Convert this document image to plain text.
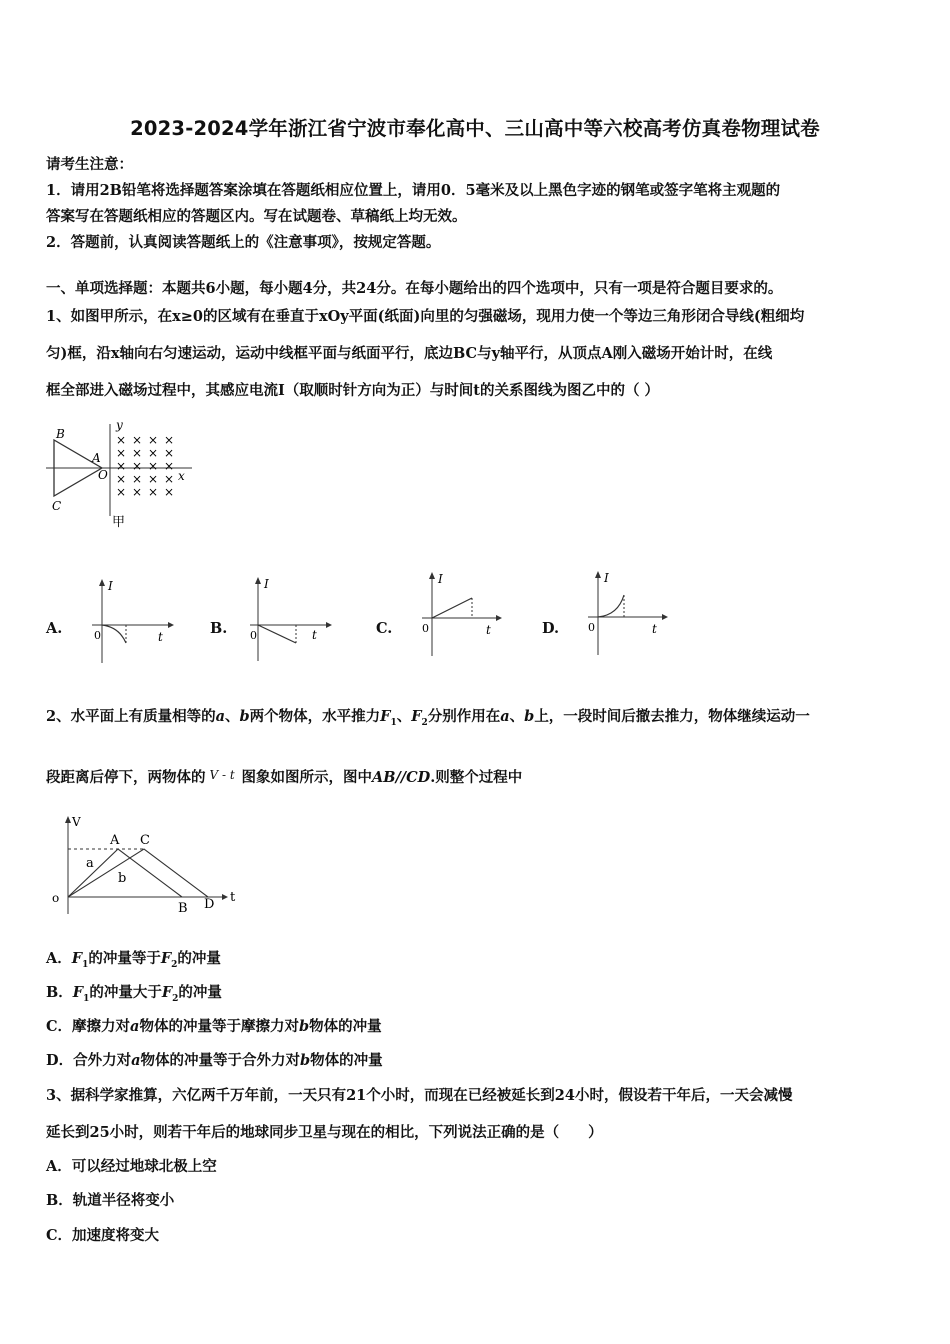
2023-2024学年浙江省宁波市奉化高中、三山高中等六校高考仿真卷物理试卷
请考生注意：
1．请用2B铅笔将选择题答案涂填在答题纸相应位置上，请用0．5毫米及以上黑色字迹的钢笔或签字笔将主观题的
答案写在答题纸相应的答题区内。写在试题卷、草稿纸上均无效。
2．答题前，认真阅读答题纸上的《注意事项》，按规定答题。
一、单项选择题：本题共6小题，每小题4分，共24分。在每小题给出的四个选项中，只有一项是符合题目要求的。
1、如图甲所示，在x≥0的区域有在垂直于xOy平面(纸面)向里的匀强磁场，现用力使一个等边三角形闭合导线(粗细均
匀)框，沿x轴向右匀速运动，运动中线框平面与纸面平行，底边BC与y轴平行，从顶点A刚入磁场开始计时，在线
框全部进入磁场过程中，其感应电流I（取顺时针方向为正）与时间t的关系图线为图乙中的（ ）
B
A
C
O
y
x
× × × ×
× × × ×
× × × ×
× × × ×
× × × ×
甲
A.
I
0	t	B.
I
0	t	C.
I
0	t	D.
I
0	t
2、水平面上有质量相等的a、b两个物体，水平推力$F_1$、$F_2$分别作用在a、b上，一段时间后撤去推力，物体继续运动一
段距离后停下，两物体的 V - t 图象如图所示，图中AB//CD.则整个过程中
V
A C
a
b
o
B D t
A．$F_1$的冲量等于$F_2$的冲量
B．$F_1$的冲量大于$F_2$的冲量
C．摩擦力对a物体的冲量等于摩擦力对b物体的冲量
D．合外力对a物体的冲量等于合外力对b物体的冲量
3、据科学家推算，六亿两千万年前，一天只有21个小时，而现在已经被延长到24小时，假设若干年后，一天会减慢
延长到25小时，则若干年后的地球同步卫星与现在的相比，下列说法正确的是（　　）
A．可以经过地球北极上空
B．轨道半径将变小
C．加速度将变大
